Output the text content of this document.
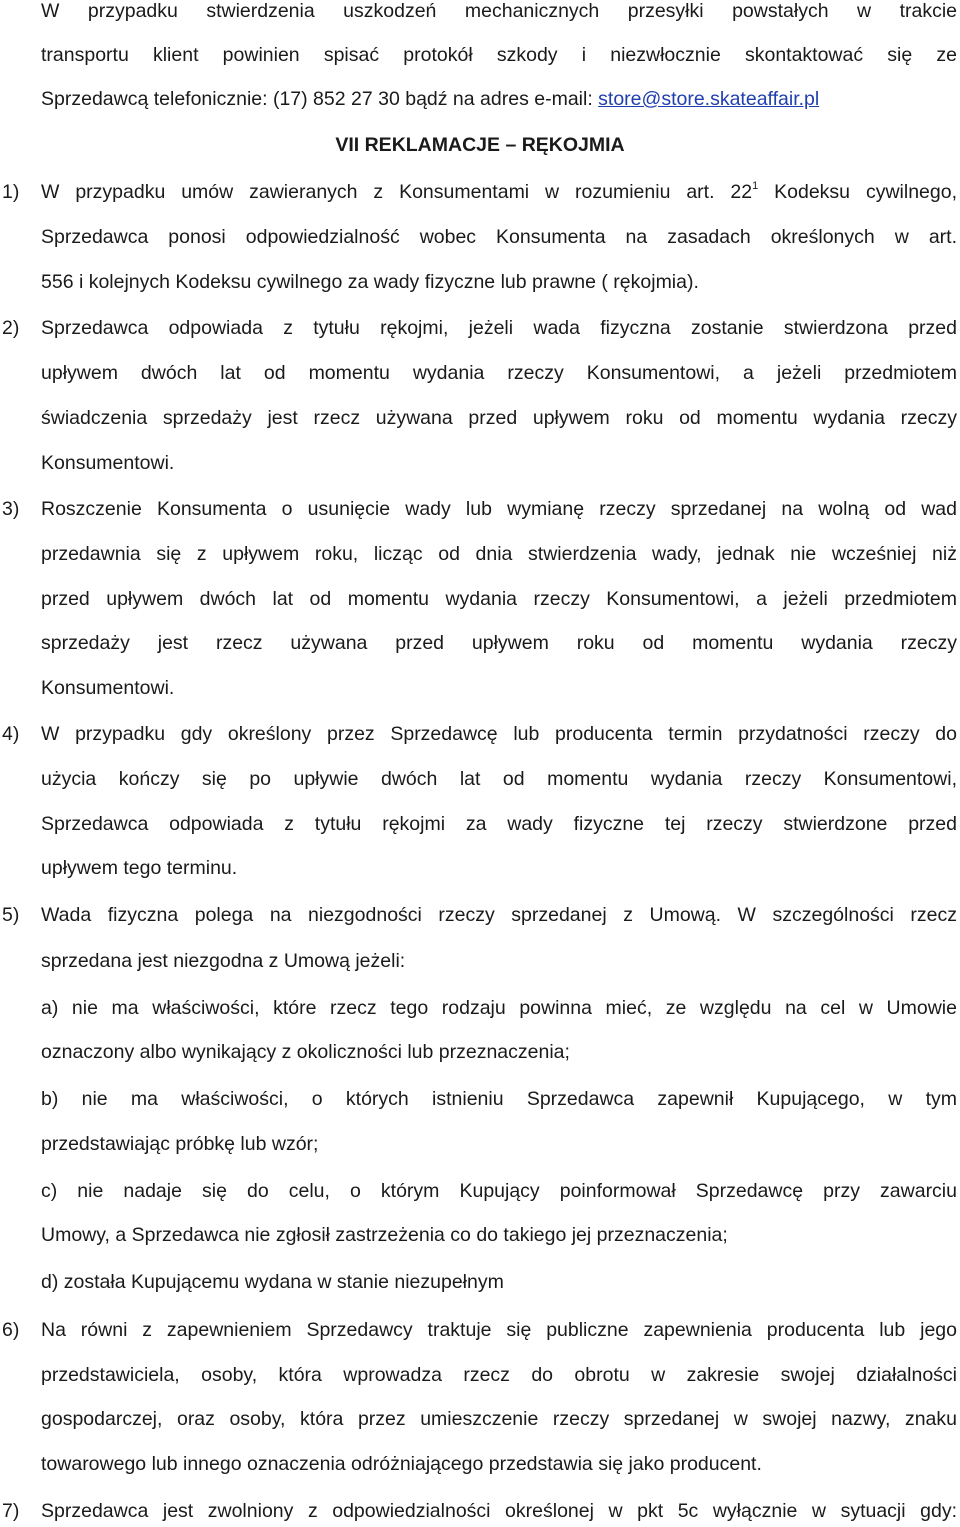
W przypadku stwierdzenia uszkodzeń mechanicznych przesyłki powstałych w trakcie
transportu klient powinien spisać protokół szkody i niezwłocznie skontaktować się ze
Sprzedawcą telefonicznie: (17) 852 27 30 bądź na adres e-mail: store@store.skateaffair.pl
VII REKLAMACJE – RĘKOJMIA
1) W przypadku umów zawieranych z Konsumentami w rozumieniu art. $22^1$ Kodeksu cywilnego,
Sprzedawca ponosi odpowiedzialność wobec Konsumenta na zasadach określonych w art.
556 i kolejnych Kodeksu cywilnego za wady fizyczne lub prawne ( rękojmia).
2) Sprzedawca odpowiada z tytułu rękojmi, jeżeli wada fizyczna zostanie stwierdzona przed
upływem dwóch lat od momentu wydania rzeczy Konsumentowi, a jeżeli przedmiotem
świadczenia sprzedaży jest rzecz używana przed upływem roku od momentu wydania rzeczy
Konsumentowi.
3) Roszczenie Konsumenta o usunięcie wady lub wymianę rzeczy sprzedanej na wolną od wad
przedawnia się z upływem roku, licząc od dnia stwierdzenia wady, jednak nie wcześniej niż
przed upływem dwóch lat od momentu wydania rzeczy Konsumentowi, a jeżeli przedmiotem
sprzedaży jest rzecz używana przed upływem roku od momentu wydania rzeczy
Konsumentowi.
4) W przypadku gdy określony przez Sprzedawcę lub producenta termin przydatności rzeczy do
użycia kończy się po upływie dwóch lat od momentu wydania rzeczy Konsumentowi,
Sprzedawca odpowiada z tytułu rękojmi za wady fizyczne tej rzeczy stwierdzone przed
upływem tego terminu.
5) Wada fizyczna polega na niezgodności rzeczy sprzedanej z Umową. W szczególności rzecz
sprzedana jest niezgodna z Umową jeżeli:
a) nie ma właściwości, które rzecz tego rodzaju powinna mieć, ze względu na cel w Umowie
oznaczony albo wynikający z okoliczności lub przeznaczenia;
b) nie ma właściwości, o których istnieniu Sprzedawca zapewnił Kupującego, w tym
przedstawiając próbkę lub wzór;
c) nie nadaje się do celu, o którym Kupujący poinformował Sprzedawcę przy zawarciu
Umowy, a Sprzedawca nie zgłosił zastrzeżenia co do takiego jej przeznaczenia;
d) została Kupującemu wydana w stanie niezupełnym
6) Na równi z zapewnieniem Sprzedawcy traktuje się publiczne zapewnienia producenta lub jego
przedstawiciela, osoby, która wprowadza rzecz do obrotu w zakresie swojej działalności
gospodarczej, oraz osoby, która przez umieszczenie rzeczy sprzedanej w swojej nazwy, znaku
towarowego lub innego oznaczenia odróżniającego przedstawia się jako producent.
7) Sprzedawca jest zwolniony z odpowiedzialności określonej w pkt 5c wyłącznie w sytuacji gdy:
